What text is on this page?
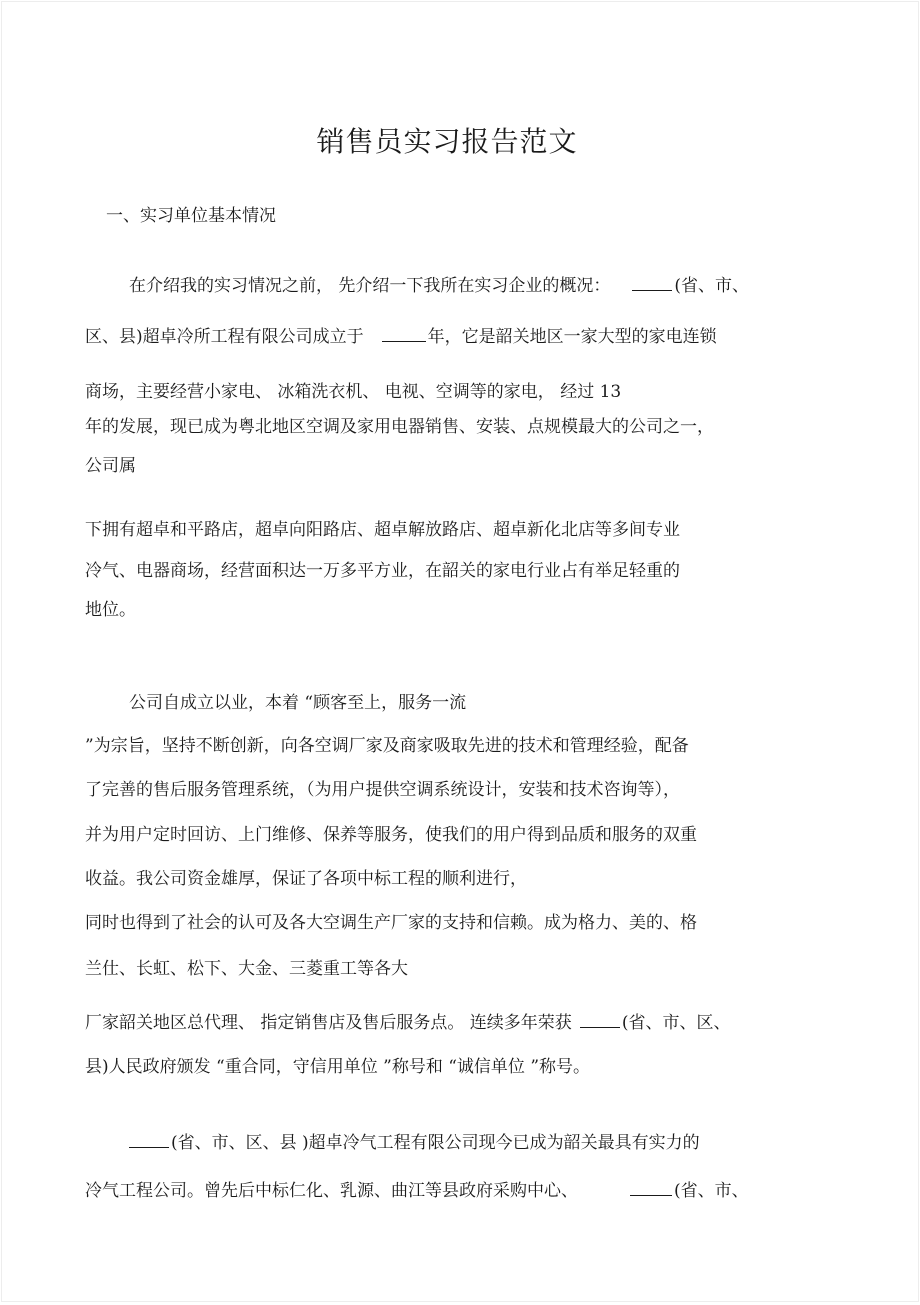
销售员实习报告范文
一、实习单位基本情况
在介绍我的实习情况之前， 先介绍一下我所在实习企业的概况：	(省、市、
区、县)超卓冷所工程有限公司成立于	年，它是韶关地区一家大型的家电连锁
商场，主要经营小家电、 冰箱洗衣机、 电视、空调等的家电， 经过 13
年的发展，现已成为粤北地区空调及家用电器销售、安装、点规模最大的公司之一，
公司属
下拥有超卓和平路店，超卓向阳路店、超卓解放路店、超卓新化北店等多间专业
冷气、电器商场，经营面积达一万多平方业，在韶关的家电行业占有举足轻重的
地位。
公司自成立以业，本着 “顾客至上，服务一流
”为宗旨，坚持不断创新，向各空调厂家及商家吸取先进的技术和管理经验，配备
了完善的售后服务管理系统，（为用户提供空调系统设计，安装和技术咨询等），
并为用户定时回访、上门维修、保养等服务，使我们的用户得到品质和服务的双重
收益。我公司资金雄厚，保证了各项中标工程的顺利进行，
同时也得到了社会的认可及各大空调生产厂家的支持和信赖。成为格力、美的、格
兰仕、长虹、松下、大金、三菱重工等各大
厂家韶关地区总代理、 指定销售店及售后服务点。 连续多年荣获	(省、市、区、
县)人民政府颁发 “重合同，守信用单位 ”称号和 “诚信单位 ”称号。
(省、市、区、县 )超卓冷气工程有限公司现今已成为韶关最具有实力的
冷气工程公司。曾先后中标仁化、乳源、曲江等县政府采购中心、	(省、市、
